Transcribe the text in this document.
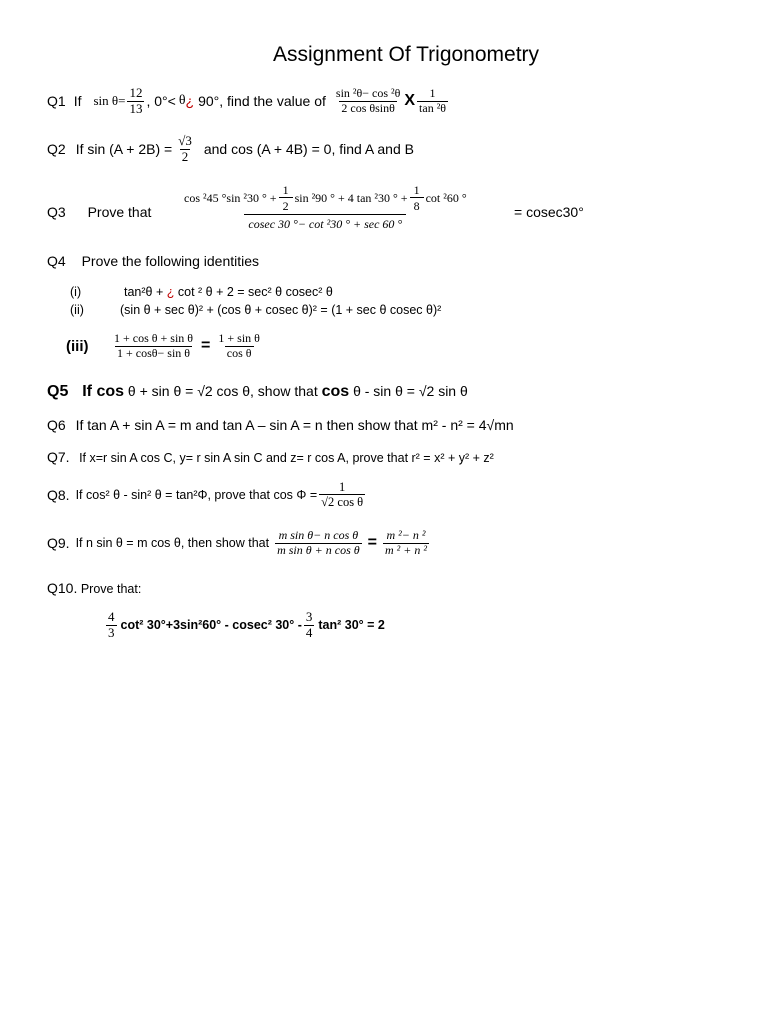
Assignment Of Trigonometry
Q1 If $\sin \theta = \frac{12}{13}$ , 0°< θ ¿ 90°, find the value of $\frac{\text{sin ²θ− cos ²θ}}{\text{2 cos θsinθ}}$ X $\frac{1}{\text{tan ²θ}}$
Q2 If $\sin (A + 2B) = \frac{√3}{2}$ and cos (A + 4B) = 0, find A and B
Q3 Prove that
cos ²45 °sin ²30 ° + $\frac{1}{2}$ sin ²90 ° + 4 tan ²30 ° + $\frac{1}{8}$ cot ²60 °
cosec 30 °− cot ²30 ° + sec 60 °
= cosec30°
Q4 Prove the following identities
(i)	tan²θ + ¿ cot ² θ + 2 = sec² θ cosec² θ
(ii)	(sin θ + sec θ)² + (cos θ + cosec θ)² = (1 + sec θ cosec θ)²
(iii)	$\frac{\text{1 + cos θ + sin θ}}{\text{1 + cosθ− sin θ}} = \frac{\text{1 + sin θ}}{\text{cos θ}}$
Q5 If cos θ + sin θ = √2 cos θ, show that cos θ - sin θ = √2 sin θ
Q6 If tan A + sin A = m and tan A – sin A = n then show that m² - n² = 4√mn
Q7. If x=r sin A cos C, y= r sin A sin C and z= r cos A, prove that r² = x² + y² + z²
Q8. If cos² θ - sin² θ = tan²Φ, prove that $\cos \Phi = \frac{1}{\text{√2 cos θ}}$
Q9. If n sin θ = m cos θ, then show that $\frac{\text{m sin θ− n cos θ}}{\text{m sin θ + n cos θ}} = \frac{\text{m ²− n ²}}{\text{m ² + n ²}}$
Q10. Prove that:
$\frac{4}{3} \cot^2$ 30°+3sin²60° - cosec² $30^\circ - \frac{3}{4} \tan^2$ 30° = 2
